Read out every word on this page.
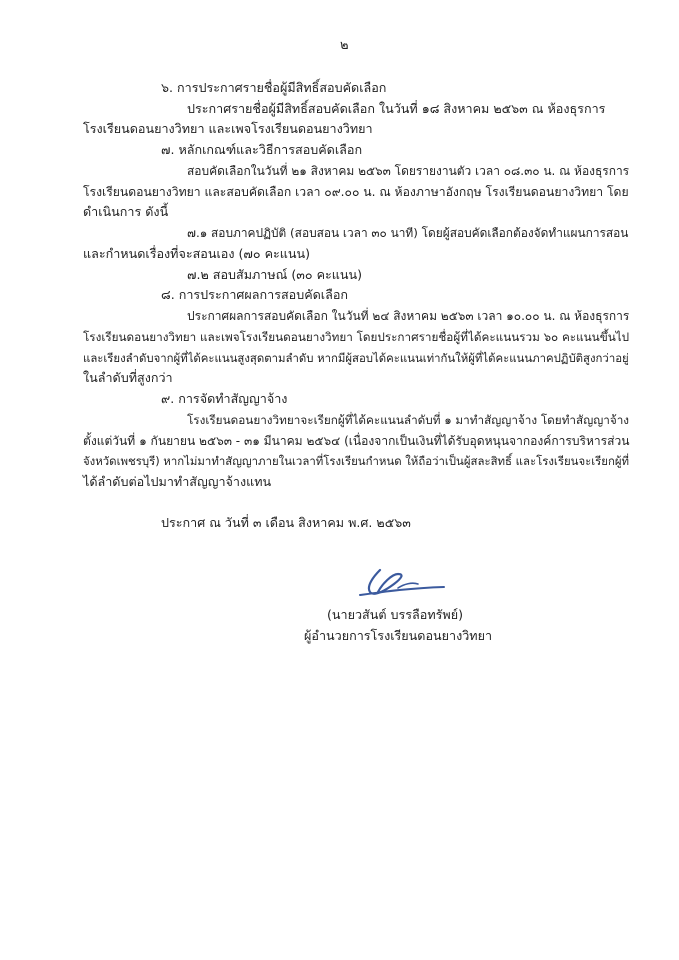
๒
๖. การประกาศรายชื่อผู้มีสิทธิ์สอบคัดเลือก
ประกาศรายชื่อผู้มีสิทธิ์สอบคัดเลือก ในวันที่ ๑๘ สิงหาคม ๒๕๖๓ ณ ห้องธุรการ
โรงเรียนดอนยางวิทยา และเพจโรงเรียนดอนยางวิทยา
๗. หลักเกณฑ์และวิธีการสอบคัดเลือก
สอบคัดเลือกในวันที่ ๒๑ สิงหาคม ๒๕๖๓ โดยรายงานตัว เวลา ๐๘.๓๐ น. ณ ห้องธุรการ
โรงเรียนดอนยางวิทยา และสอบคัดเลือก เวลา ๐๙.๐๐ น. ณ ห้องภาษาอังกฤษ โรงเรียนดอนยางวิทยา โดย
ดำเนินการ ดังนี้
๗.๑ สอบภาคปฏิบัติ (สอบสอน เวลา ๓๐ นาที) โดยผู้สอบคัดเลือกต้องจัดทำแผนการสอน
และกำหนดเรื่องที่จะสอนเอง (๗๐ คะแนน)
๗.๒ สอบสัมภาษณ์ (๓๐ คะแนน)
๘. การประกาศผลการสอบคัดเลือก
ประกาศผลการสอบคัดเลือก ในวันที่ ๒๔ สิงหาคม ๒๕๖๓ เวลา ๑๐.๐๐ น. ณ ห้องธุรการ
โรงเรียนดอนยางวิทยา และเพจโรงเรียนดอนยางวิทยา โดยประกาศรายชื่อผู้ที่ได้คะแนนรวม ๖๐ คะแนนขึ้นไป
และเรียงลำดับจากผู้ที่ได้คะแนนสูงสุดตามลำดับ หากมีผู้สอบได้คะแนนเท่ากันให้ผู้ที่ได้คะแนนภาคปฏิบัติสูงกว่าอยู่
ในลำดับที่สูงกว่า
๙. การจัดทำสัญญาจ้าง
โรงเรียนดอนยางวิทยาจะเรียกผู้ที่ได้คะแนนลำดับที่ ๑ มาทำสัญญาจ้าง โดยทำสัญญาจ้าง
ตั้งแต่วันที่ ๑ กันยายน ๒๕๖๓ - ๓๑ มีนาคม ๒๕๖๔ (เนื่องจากเป็นเงินที่ได้รับอุดหนุนจากองค์การบริหารส่วน
จังหวัดเพชรบุรี) หากไม่มาทำสัญญาภายในเวลาที่โรงเรียนกำหนด ให้ถือว่าเป็นผู้สละสิทธิ์ และโรงเรียนจะเรียกผู้ที่
ได้ลำดับต่อไปมาทำสัญญาจ้างแทน
ประกาศ ณ วันที่ ๓ เดือน สิงหาคม พ.ศ. ๒๕๖๓
(นายวสันต์ บรรลือทรัพย์)
ผู้อำนวยการโรงเรียนดอนยางวิทยา
